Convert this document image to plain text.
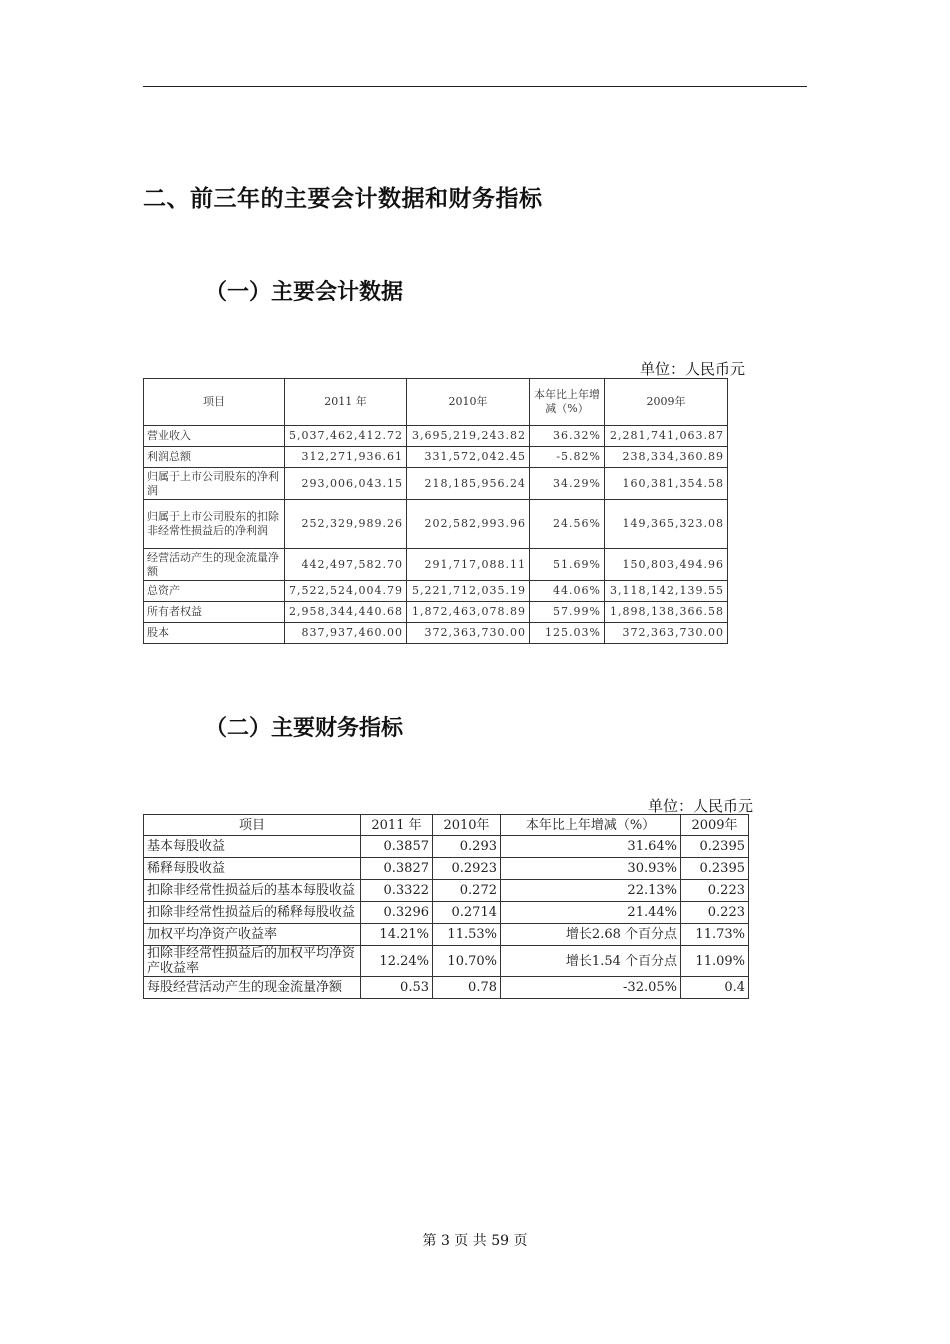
二、前三年的主要会计数据和财务指标
（一）主要会计数据
单位：人民币元
项目	2011 年	2010年	本年比上年增减（%）	2009年
营业收入	5,037,462,412.72	3,695,219,243.82	36.32%	2,281,741,063.87
利润总额	312,271,936.61	331,572,042.45	-5.82%	238,334,360.89
归属于上市公司股东的净利润	293,006,043.15	218,185,956.24	34.29%	160,381,354.58
归属于上市公司股东的扣除非经常性损益后的净利润	252,329,989.26	202,582,993.96	24.56%	149,365,323.08
经营活动产生的现金流量净额	442,497,582.70	291,717,088.11	51.69%	150,803,494.96
总资产	7,522,524,004.79	5,221,712,035.19	44.06%	3,118,142,139.55
所有者权益	2,958,344,440.68	1,872,463,078.89	57.99%	1,898,138,366.58
股本	837,937,460.00	372,363,730.00	125.03%	372,363,730.00
（二）主要财务指标
单位：人民币元
项目	2011 年	2010年	本年比上年增减（%）	2009年
基本每股收益	0.3857	0.293	31.64%	0.2395
稀释每股收益	0.3827	0.2923	30.93%	0.2395
扣除非经常性损益后的基本每股收益	0.3322	0.272	22.13%	0.223
扣除非经常性损益后的稀释每股收益	0.3296	0.2714	21.44%	0.223
加权平均净资产收益率	14.21%	11.53%	增长2.68 个百分点	11.73%
扣除非经常性损益后的加权平均净资产收益率	12.24%	10.70%	增长1.54 个百分点	11.09%
每股经营活动产生的现金流量净额	0.53	0.78	-32.05%	0.4
第 3 页 共 59 页
